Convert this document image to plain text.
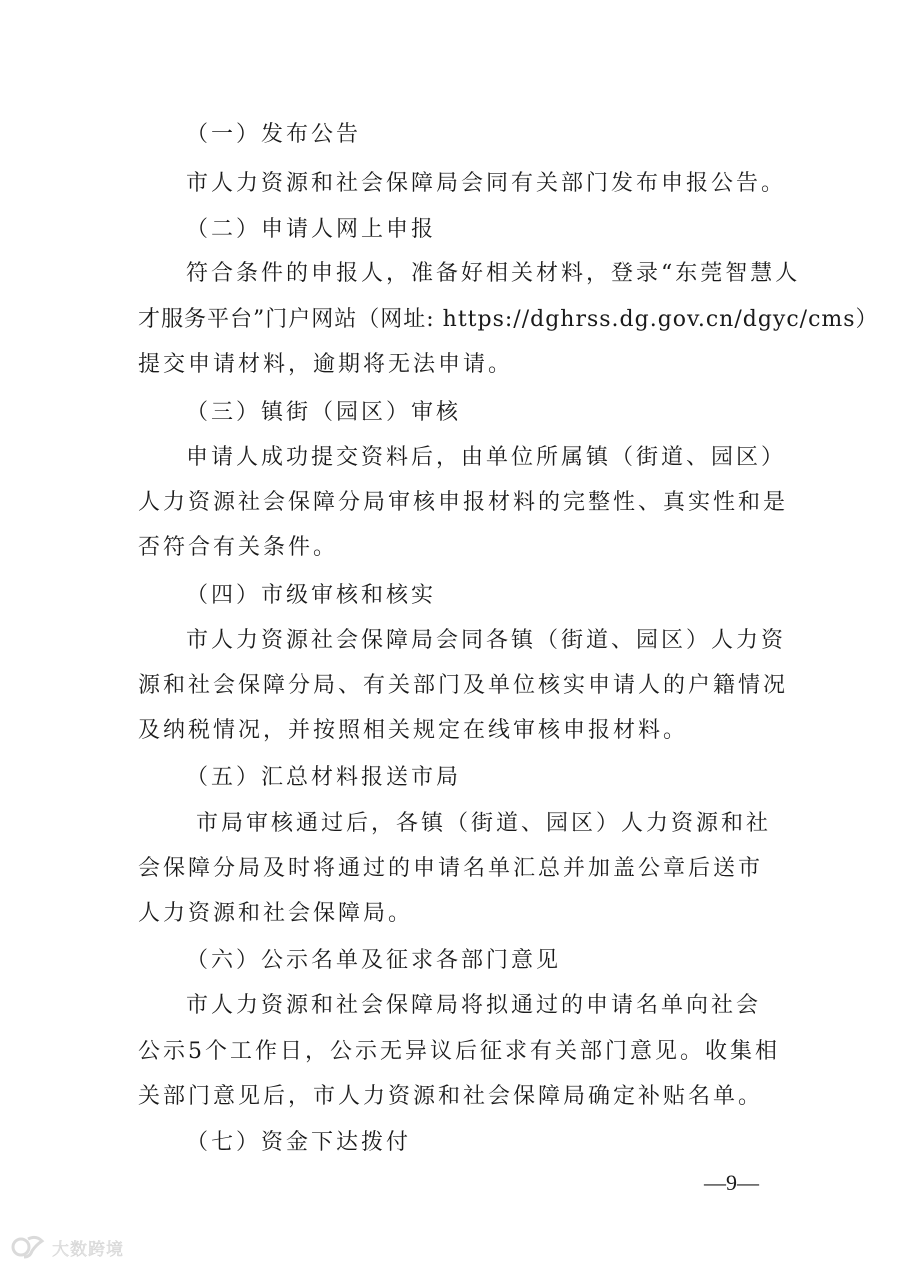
（一）发布公告
市人力资源和社会保障局会同有关部门发布申报公告。
（二）申请人网上申报
符合条件的申报人，准备好相关材料，登录“东莞智慧人
才服务平台”门户网站（网址: https://dghrss.dg.gov.cn/dgyc/cms）
提交申请材料，逾期将无法申请。
（三）镇街（园区）审核
申请人成功提交资料后，由单位所属镇（街道、园区）
人力资源社会保障分局审核申报材料的完整性、真实性和是
否符合有关条件。
（四）市级审核和核实
市人力资源社会保障局会同各镇（街道、园区）人力资
源和社会保障分局、有关部门及单位核实申请人的户籍情况
及纳税情况，并按照相关规定在线审核申报材料。
（五）汇总材料报送市局
市局审核通过后，各镇（街道、园区）人力资源和社
会保障分局及时将通过的申请名单汇总并加盖公章后送市
人力资源和社会保障局。
（六）公示名单及征求各部门意见
市人力资源和社会保障局将拟通过的申请名单向社会
公示5个工作日，公示无异议后征求有关部门意见。收集相
关部门意见后，市人力资源和社会保障局确定补贴名单。
（七）资金下达拨付
—9—
大数跨境
